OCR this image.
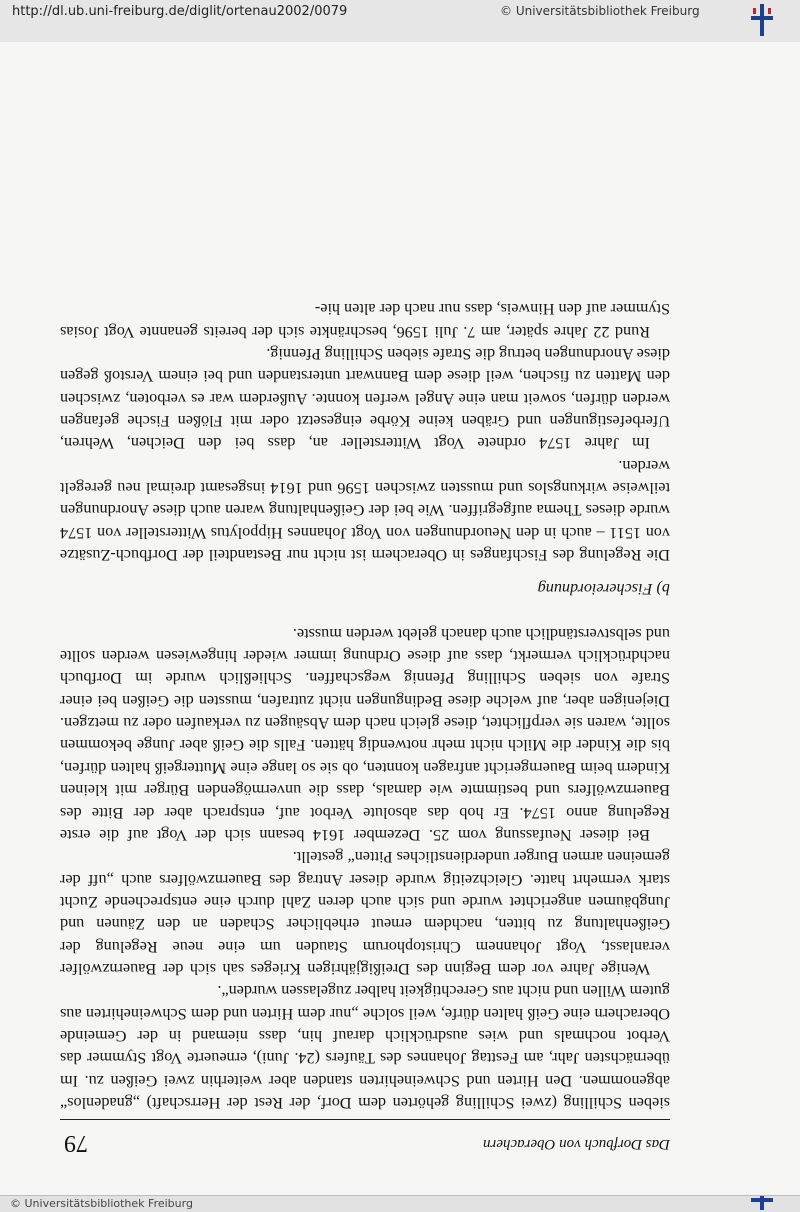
http://dl.ub.uni-freiburg.de/diglit/ortenau2002/0079	© Universitätsbibliothek Freiburg
Das Dorfbuch von Oberachern
79

sieben Schilling (zwei Schilling gehörten dem Dorf, der Rest der Herrschaft) „gnadenlos“ abgenommen. Den Hirten und Schweinehirten standen aber weiterhin zwei Geißen zu. Im übernächsten Jahr, am Festtag Johannes des Täufers (24. Juni), erneuerte Vogt Stymmer das Verbot nochmals und wies ausdrücklich darauf hin, dass niemand in der Gemeinde Oberachern eine Geiß halten dürfe, weil solche „nur dem Hirten und dem Schweinehirten aus gutem Willen und nicht aus Gerechtigkeit halber zugelassen wurden“.

Wenige Jahre vor dem Beginn des Dreißigjährigen Krieges sah sich der Bauernzwölfer veranlasst, Vogt Johannem Christophorum Stauden um eine neue Regelung der Geißenhaltung zu bitten, nachdem erneut erheblicher Schaden an den Zäunen und Jungbäumen angerichtet wurde und sich auch deren Zahl durch eine entsprechende Zucht stark vermehrt hatte. Gleichzeitig wurde dieser Antrag des Bauernzwölfers auch „uff der gemeinen armen Burger underdienstliches Pitten“ gestellt.

Bei dieser Neufassung vom 25. Dezember 1614 besann sich der Vogt auf die erste Regelung anno 1574. Er hob das absolute Verbot auf, entsprach aber der Bitte des Bauernzwölfers und bestimmte wie damals, dass die unvermögenden Bürger mit kleinen Kindern beim Bauerngericht anfragen konnten, ob sie so lange eine Muttergeiß halten dürfen, bis die Kinder die Milch nicht mehr notwendig hätten. Falls die Geiß aber Junge bekommen sollte, waren sie verpflichtet, diese gleich nach dem Absäugen zu verkaufen oder zu metzgen. Diejenigen aber, auf welche diese Bedingungen nicht zutrafen, mussten die Geißen bei einer Strafe von sieben Schilling Pfennig wegschaffen. Schließlich wurde im Dorfbuch nachdrücklich vermerkt, dass auf diese Ordnung immer wieder hingewiesen werden sollte und selbstverständlich auch danach gelebt werden musste.

b) Fischereiordnung

Die Regelung des Fischfanges in Oberachern ist nicht nur Bestandteil der Dorfbuch-Zusätze von 1511 – auch in den Neuordnungen von Vogt Johannes Hippolytus Wittersteller von 1574 wurde dieses Thema aufgegriffen. Wie bei der Geißenhaltung waren auch diese Anordnungen teilweise wirkungslos und mussten zwischen 1596 und 1614 insgesamt dreimal neu geregelt werden.

Im Jahre 1574 ordnete Vogt Wittersteller an, dass bei den Deichen, Wehren, Uferbefestigungen und Gräben keine Körbe eingesetzt oder mit Flößen Fische gefangen werden dürfen, soweit man eine Angel werfen konnte. Außerdem war es verboten, zwischen den Matten zu fischen, weil diese dem Bannwart unterstanden und bei einem Verstoß gegen diese Anordnungen betrug die Strafe sieben Schilling Pfennig.

Rund 22 Jahre später, am 7. Juli 1596, beschränkte sich der bereits genannte Vogt Josias Stymmer auf den Hinweis, dass nur nach der alten hie-

© Universitätsbibliothek Freiburg
